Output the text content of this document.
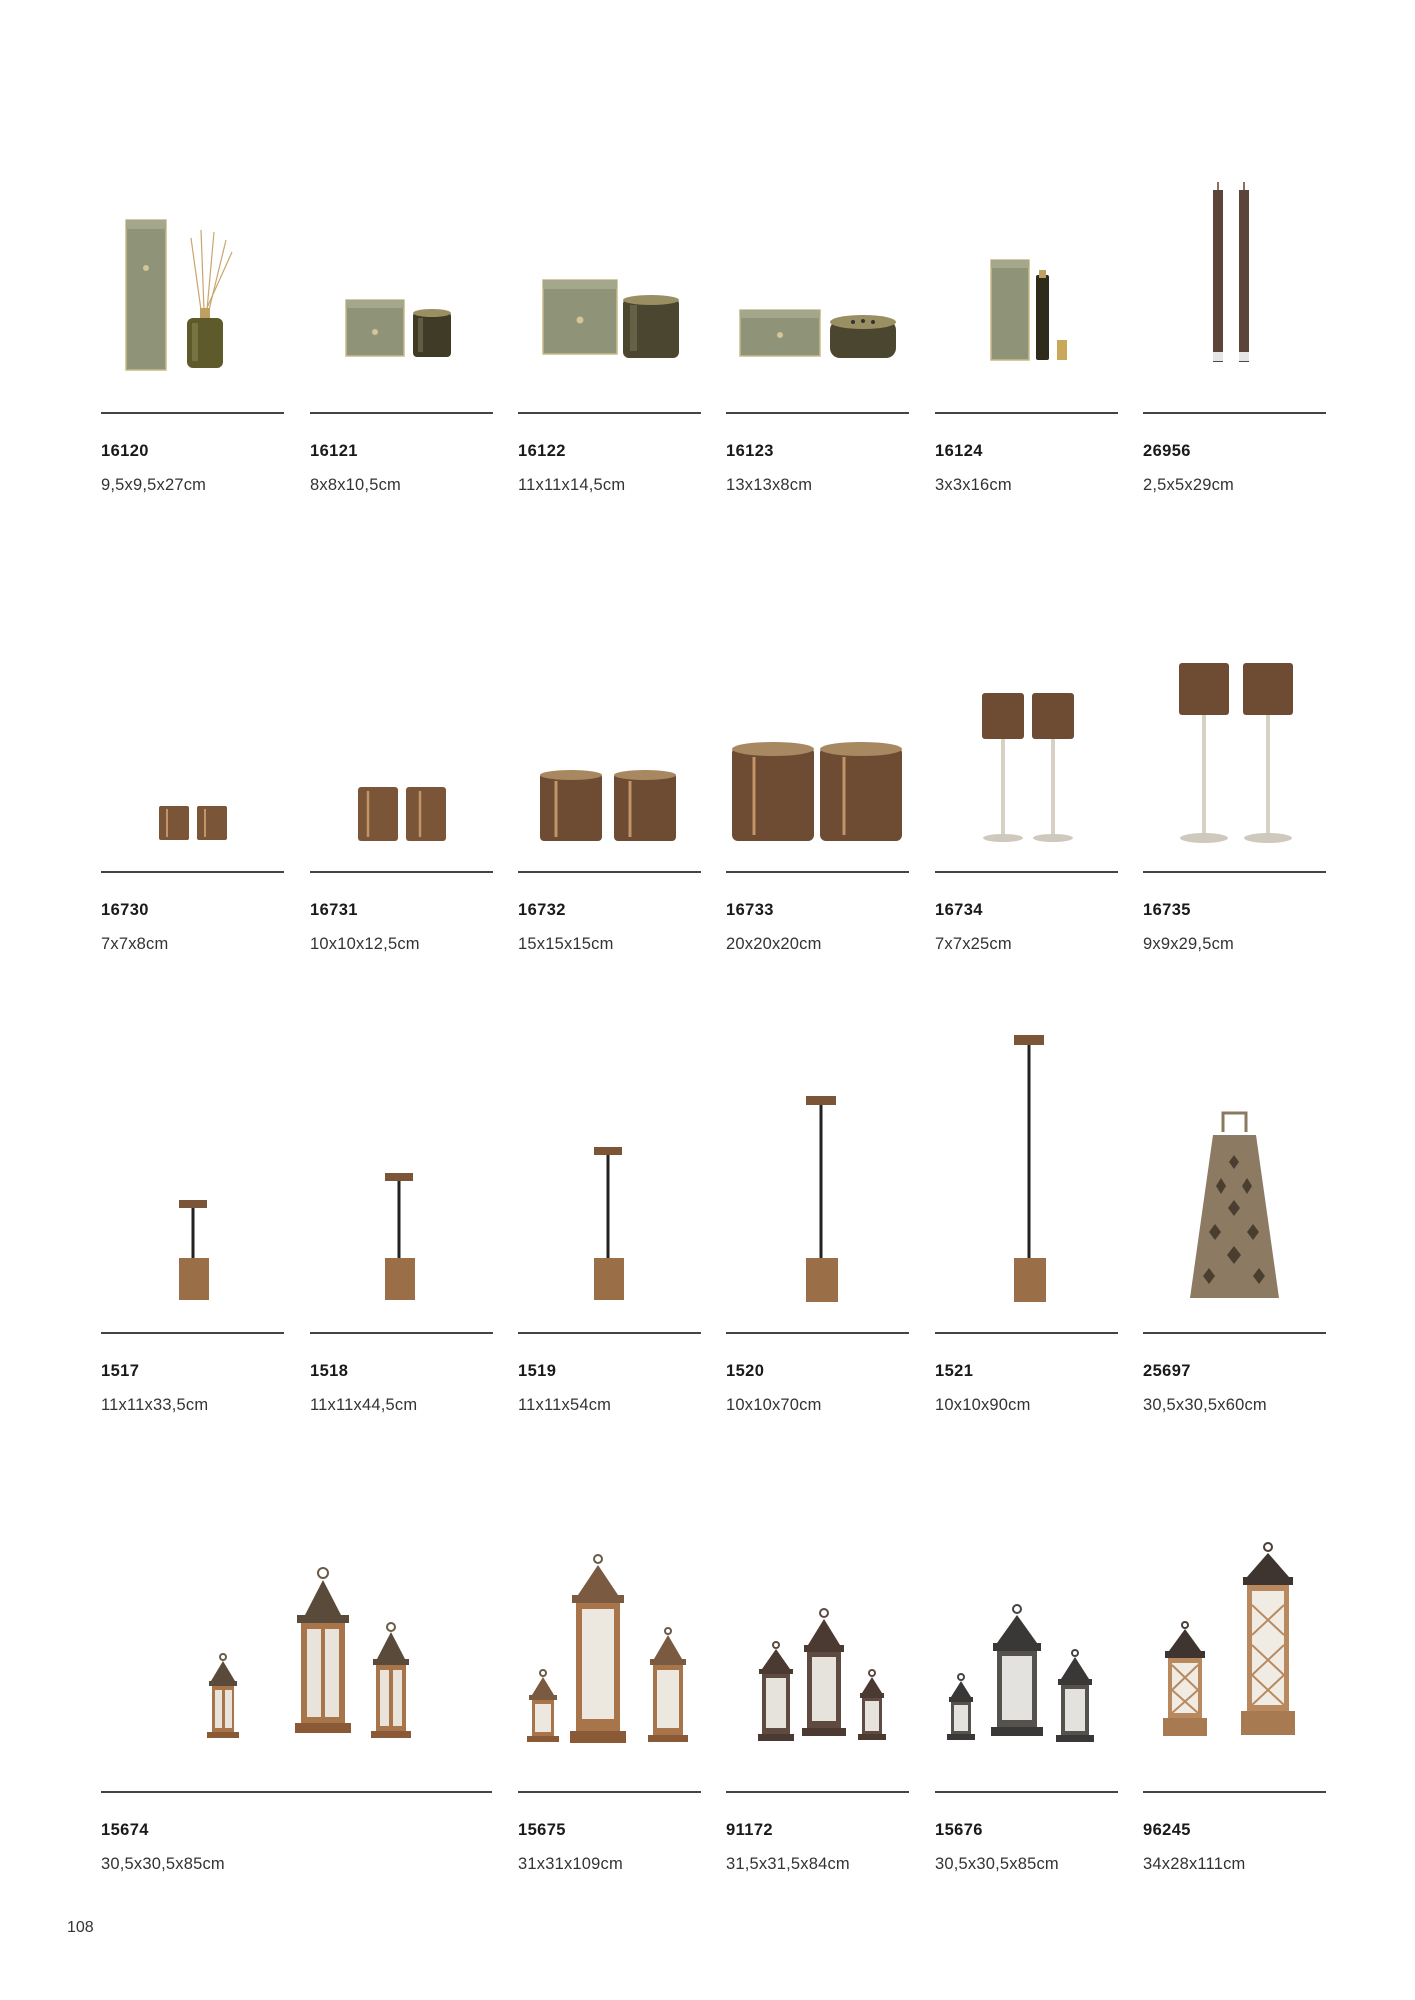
16120
9,5x9,5x27cm
16121
8x8x10,5cm
16122
11x11x14,5cm
16123
13x13x8cm
16124
3x3x16cm
26956
2,5x5x29cm
16730
7x7x8cm
16731
10x10x12,5cm
16732
15x15x15cm
16733
20x20x20cm
16734
7x7x25cm
16735
9x9x29,5cm
1517
11x11x33,5cm
1518
11x11x44,5cm
1519
11x11x54cm
1520
10x10x70cm
1521
10x10x90cm
25697
30,5x30,5x60cm
15674
30,5x30,5x85cm
15675
31x31x109cm
91172
31,5x31,5x84cm
15676
30,5x30,5x85cm
96245
34x28x111cm
108
